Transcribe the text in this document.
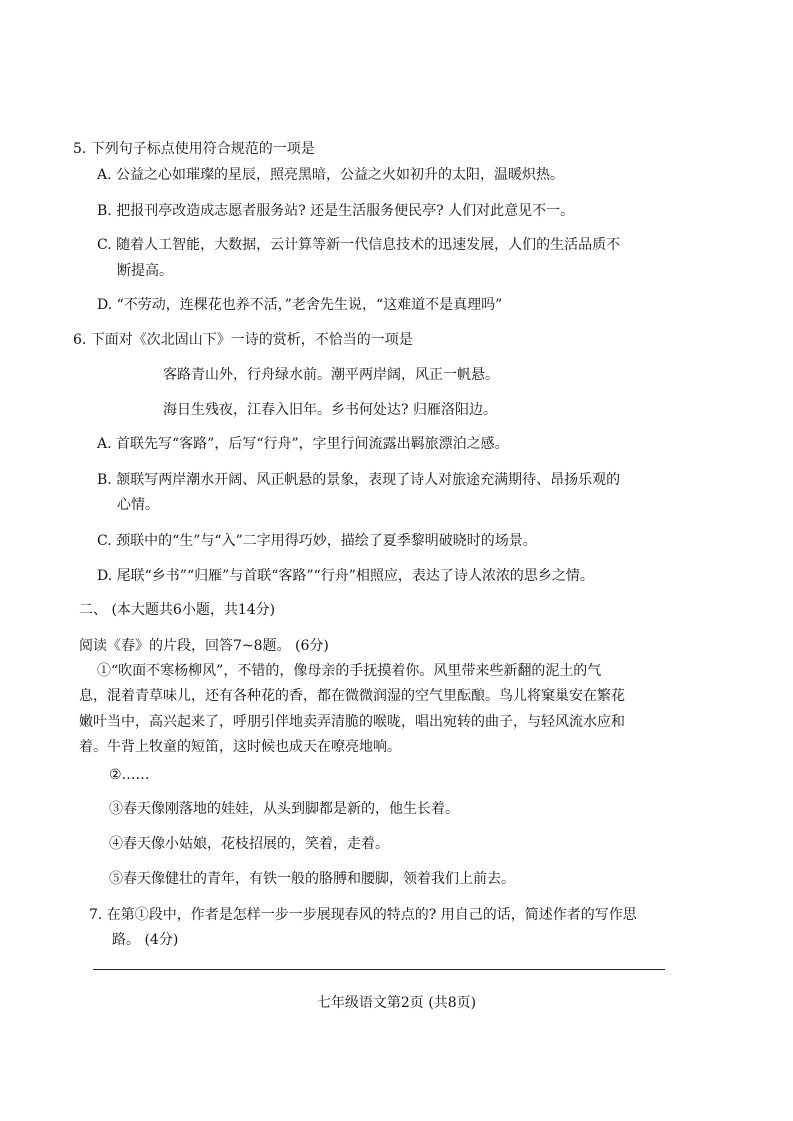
5. 下列句子标点使用符合规范的一项是
A. 公益之心如璀璨的星辰，照亮黑暗，公益之火如初升的太阳，温暖炽热。
B. 把报刊亭改造成志愿者服务站? 还是生活服务便民亭? 人们对此意见不一。
C. 随着人工智能，大数据，云计算等新一代信息技术的迅速发展，人们的生活品质不
断提高。
D. “不劳动，连棵花也养不活，”老舍先生说，“这难道不是真理吗”
6. 下面对《次北固山下》一诗的赏析，不恰当的一项是
客路青山外，行舟绿水前。潮平两岸阔，风正一帆悬。
海日生残夜，江春入旧年。乡书何处达? 归雁洛阳边。
A. 首联先写“客路”，后写“行舟”，字里行间流露出羁旅漂泊之感。
B. 颔联写两岸潮水开阔、风正帆悬的景象，表现了诗人对旅途充满期待、昂扬乐观的
心情。
C. 颈联中的“生”与“入”二字用得巧妙，描绘了夏季黎明破晓时的场景。
D. 尾联“乡书”“归雁”与首联“客路”“行舟”相照应，表达了诗人浓浓的思乡之情。
二、 (本大题共6小题，共14分)
阅读《春》的片段，回答7~8题。 (6分)
①“吹面不寒杨柳风”，不错的，像母亲的手抚摸着你。风里带来些新翻的泥土的气
息，混着青草味儿，还有各种花的香，都在微微润湿的空气里酝酿。鸟儿将窠巢安在繁花
嫩叶当中，高兴起来了，呼朋引伴地卖弄清脆的喉咙，唱出宛转的曲子，与轻风流水应和
着。牛背上牧童的短笛，这时候也成天在嘹亮地响。
②……
③春天像刚落地的娃娃，从头到脚都是新的，他生长着。
④春天像小姑娘，花枝招展的，笑着，走着。
⑤春天像健壮的青年，有铁一般的胳膊和腰脚，领着我们上前去。
7. 在第①段中，作者是怎样一步一步展现春风的特点的? 用自己的话，简述作者的写作思
路。 (4分)
七年级语文第2页 (共8页)
